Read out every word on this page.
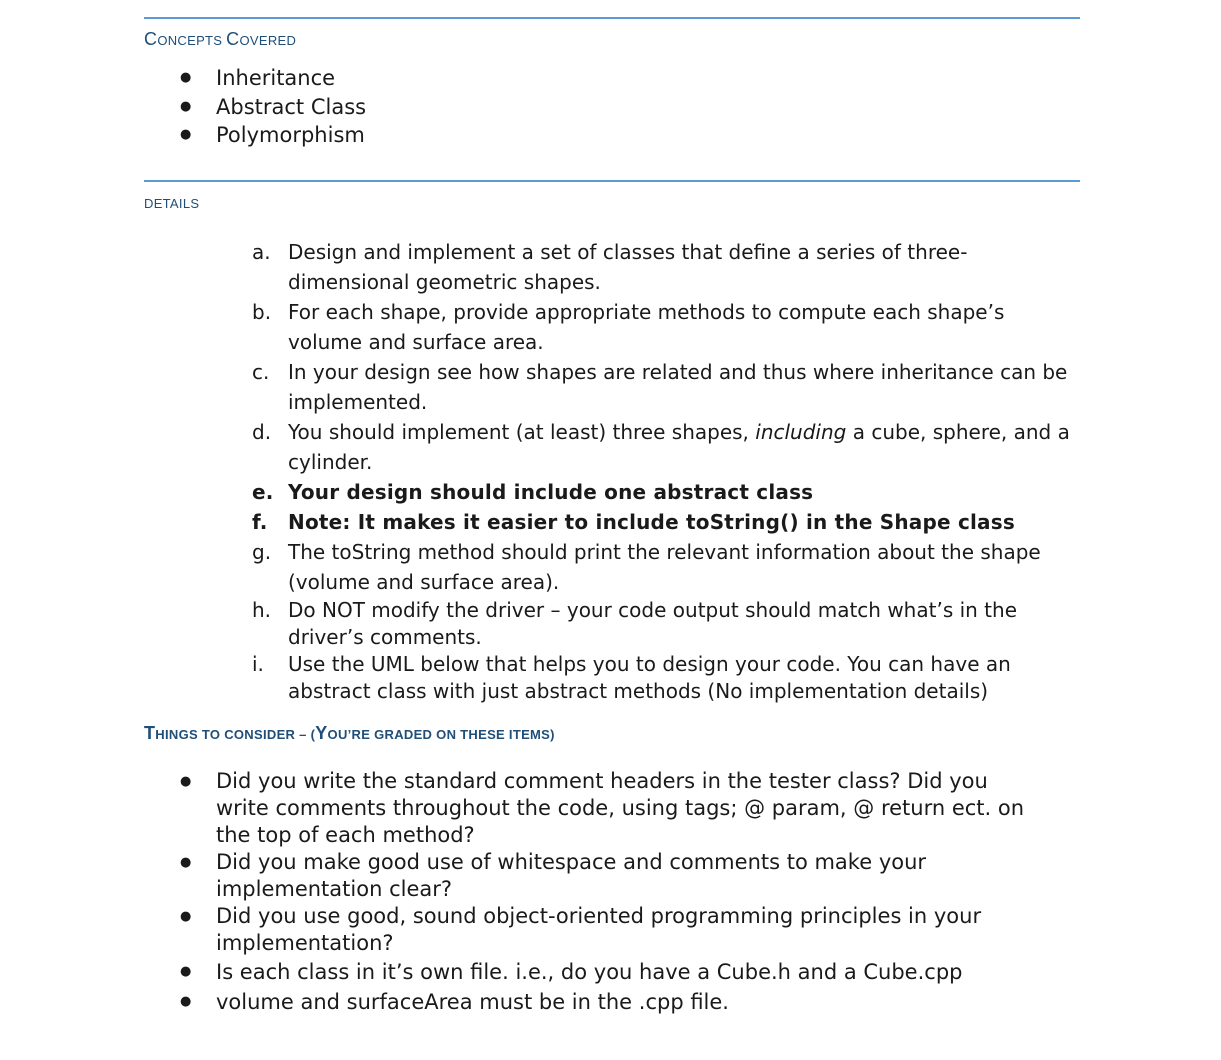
CONCEPTS COVERED
● Inheritance
● Abstract Class
● Polymorphism
DETAILS
a. Design and implement a set of classes that define a series of three-dimensional geometric shapes.
b. For each shape, provide appropriate methods to compute each shape’s volume and surface area.
c. In your design see how shapes are related and thus where inheritance can be implemented.
d. You should implement (at least) three shapes, including a cube, sphere, and a cylinder.
e. Your design should include one abstract class
f. Note: It makes it easier to include toString() in the Shape class
g. The toString method should print the relevant information about the shape (volume and surface area).
h. Do NOT modify the driver – your code output should match what’s in the driver’s comments.
i. Use the UML below that helps you to design your code. You can have an abstract class with just abstract methods (No implementation details)
THINGS TO CONSIDER – (YOU’RE GRADED ON THESE ITEMS)
● Did you write the standard comment headers in the tester class? Did you write comments throughout the code, using tags; @ param, @ return ect. on the top of each method?
● Did you make good use of whitespace and comments to make your implementation clear?
● Did you use good, sound object-oriented programming principles in your implementation?
● Is each class in it’s own file. i.e., do you have a Cube.h and a Cube.cpp
● volume and surfaceArea must be in the .cpp file.
